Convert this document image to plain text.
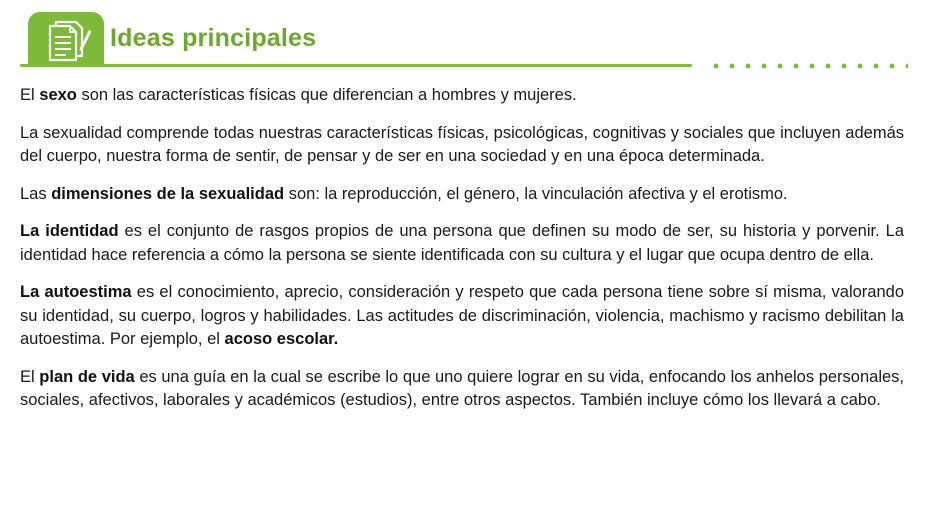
Ideas principales

El sexo son las características físicas que diferencian a hombres y mujeres.

La sexualidad comprende todas nuestras características físicas, psicológicas, cognitivas y sociales que incluyen además del cuerpo, nuestra forma de sentir, de pensar y de ser en una sociedad y en una época determinada.

Las dimensiones de la sexualidad son: la reproducción, el género, la vinculación afectiva y el erotismo.

La identidad es el conjunto de rasgos propios de una persona que definen su modo de ser, su historia y porvenir. La identidad hace referencia a cómo la persona se siente identificada con su cultura y el lugar que ocupa dentro de ella.

La autoestima es el conocimiento, aprecio, consideración y respeto que cada persona tiene sobre sí misma, valorando su identidad, su cuerpo, logros y habilidades. Las actitudes de discriminación, violencia, machismo y racismo debilitan la autoestima. Por ejemplo, el acoso escolar.

El plan de vida es una guía en la cual se escribe lo que uno quiere lograr en su vida, enfocando los anhelos personales, sociales, afectivos, laborales y académicos (estudios), entre otros aspectos. También incluye cómo los llevará a cabo.
